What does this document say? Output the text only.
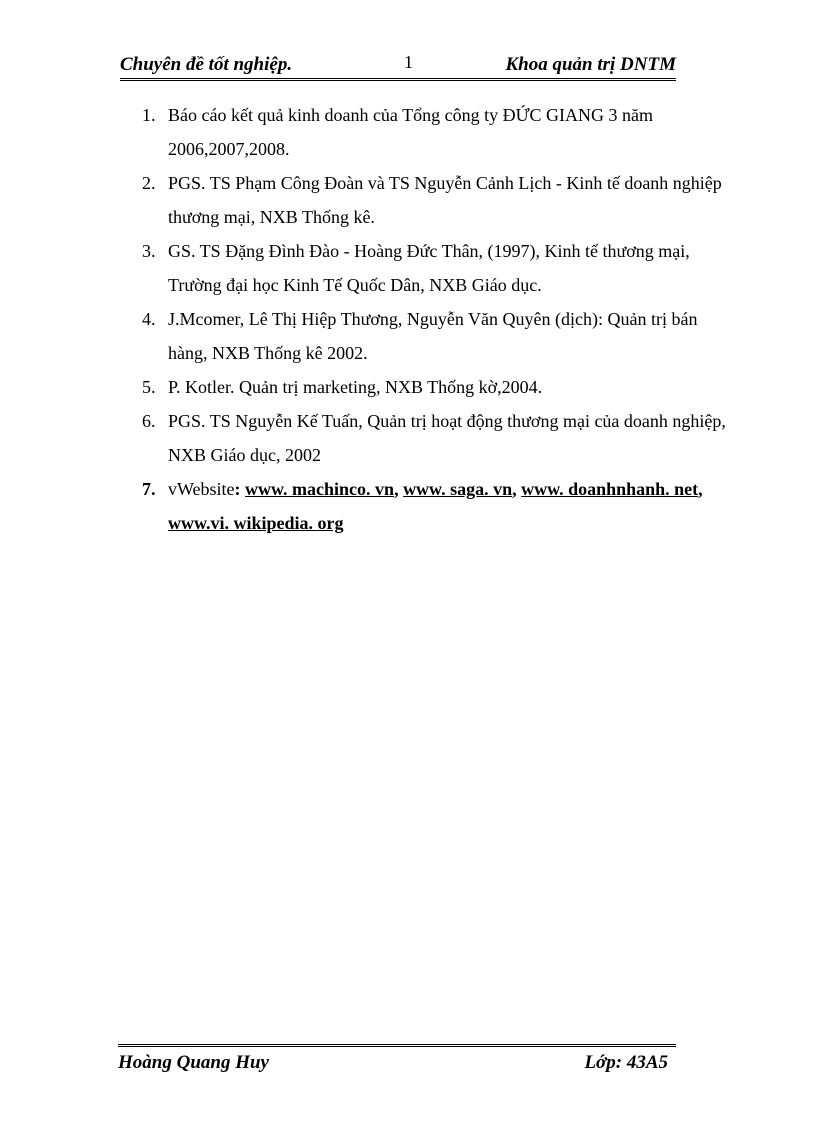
Chuyên đề tốt nghiệp.	1	Khoa quản trị DNTM
1. Báo cáo kết quả kinh doanh của Tổng công ty ĐỨC GIANG 3 năm 2006,2007,2008.
2. PGS. TS Phạm Công Đoàn và TS Nguyễn Cảnh Lịch - Kinh tế doanh nghiệp thương mại, NXB Thống kê.
3. GS. TS Đặng Đình Đào - Hoàng Đức Thân, (1997), Kinh tế thương mại, Trường đại học Kinh Tế Quốc Dân, NXB Giáo dục.
4. J.Mcomer, Lê Thị Hiệp Thương, Nguyễn Văn Quyên (dịch): Quản trị bán hàng, NXB Thống kê 2002.
5. P. Kotler. Quản trị marketing, NXB Thống kờ,2004.
6. PGS. TS Nguyễn Kế Tuấn, Quản trị hoạt động thương mại của doanh nghiệp, NXB Giáo dục, 2002
7. vWebsite: www. machinco. vn, www. saga. vn, www. doanhnhanh. net, www.vi. wikipedia. org
Hoàng Quang Huy	Lớp: 43A5
